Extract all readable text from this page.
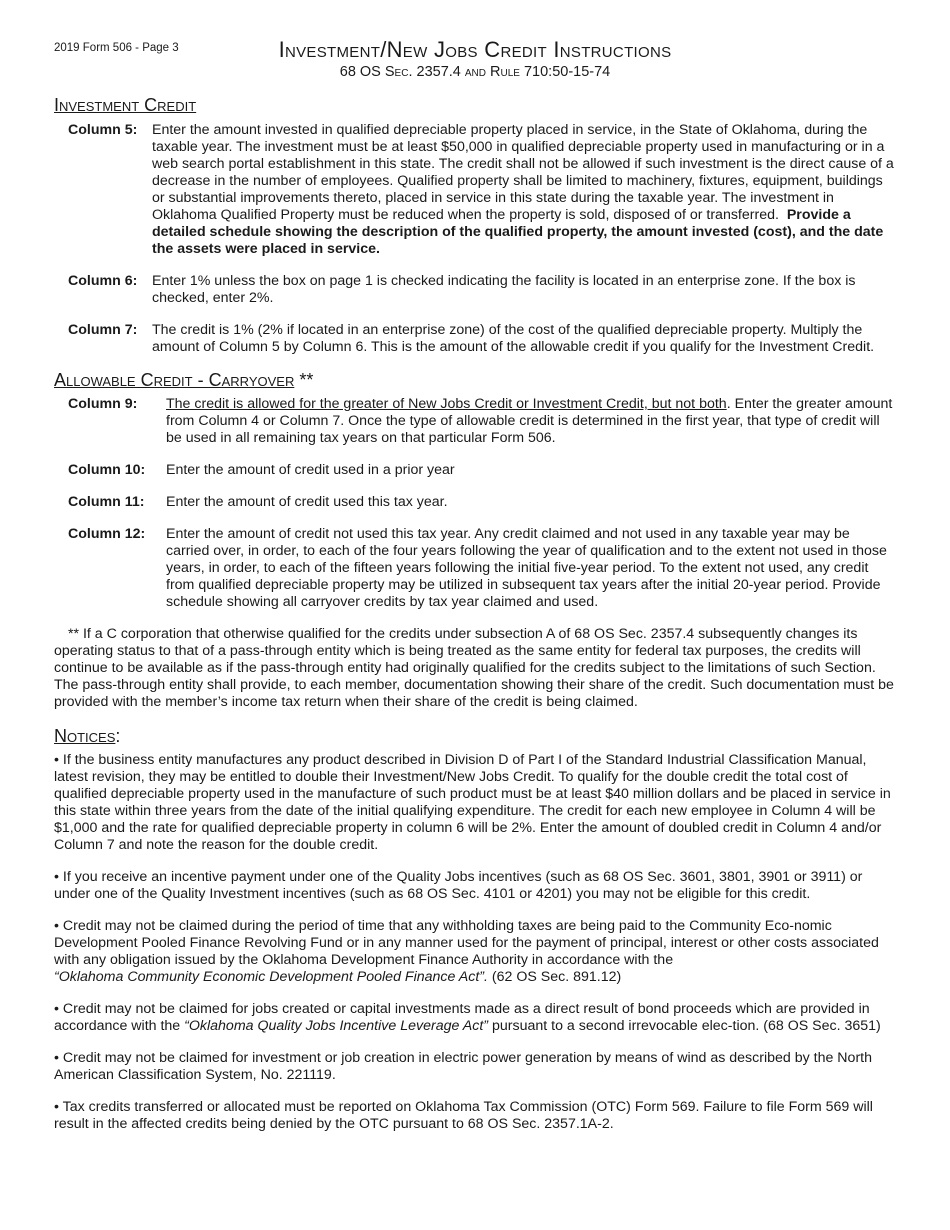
2019 Form 506 - Page 3	Investment/New Jobs Credit Instructions
68 OS Sec. 2357.4 and Rule 710:50-15-74
Investment Credit
Column 5:	Enter the amount invested in qualified depreciable property placed in service, in the State of Oklahoma, during the taxable year. The investment must be at least $50,000 in qualified depreciable property used in manufacturing or in a web search portal establishment in this state. The credit shall not be allowed if such investment is the direct cause of a decrease in the number of employees. Qualified property shall be limited to machinery, fixtures, equipment, buildings or substantial improvements thereto, placed in service in this state during the taxable year. The investment in Oklahoma Qualified Property must be reduced when the property is sold, disposed of or transferred. Provide a detailed schedule showing the description of the qualified property, the amount invested (cost), and the date the assets were placed in service.
Column 6:	Enter 1% unless the box on page 1 is checked indicating the facility is located in an enterprise zone. If the box is checked, enter 2%.
Column 7:	The credit is 1% (2% if located in an enterprise zone) of the cost of the qualified depreciable property. Multiply the amount of Column 5 by Column 6. This is the amount of the allowable credit if you qualify for the Investment Credit.
Allowable Credit - Carryover **
Column 9:	The credit is allowed for the greater of New Jobs Credit or Investment Credit, but not both. Enter the greater amount from Column 4 or Column 7. Once the type of allowable credit is determined in the first year, that type of credit will be used in all remaining tax years on that particular Form 506.
Column 10:	Enter the amount of credit used in a prior year
Column 11:	Enter the amount of credit used this tax year.
Column 12:	Enter the amount of credit not used this tax year. Any credit claimed and not used in any taxable year may be carried over, in order, to each of the four years following the year of qualification and to the extent not used in those years, in order, to each of the fifteen years following the initial five-year period. To the extent not used, any credit from qualified depreciable property may be utilized in subsequent tax years after the initial 20-year period. Provide schedule showing all carryover credits by tax year claimed and used.

** If a C corporation that otherwise qualified for the credits under subsection A of 68 OS Sec. 2357.4 subsequently changes its operating status to that of a pass-through entity which is being treated as the same entity for federal tax purposes, the credits will continue to be available as if the pass-through entity had originally qualified for the credits subject to the limitations of such Section. The pass-through entity shall provide, to each member, documentation showing their share of the credit. Such documentation must be provided with the member’s income tax return when their share of the credit is being claimed.

Notices:

• If the business entity manufactures any product described in Division D of Part I of the Standard Industrial Classification Manual, latest revision, they may be entitled to double their Investment/New Jobs Credit. To qualify for the double credit the total cost of qualified depreciable property used in the manufacture of such product must be at least $40 million dollars and be placed in service in this state within three years from the date of the initial qualifying expenditure. The credit for each new employee in Column 4 will be $1,000 and the rate for qualified depreciable property in column 6 will be 2%. Enter the amount of doubled credit in Column 4 and/or Column 7 and note the reason for the double credit.

• If you receive an incentive payment under one of the Quality Jobs incentives (such as 68 OS Sec. 3601, 3801, 3901 or 3911) or under one of the Quality Investment incentives (such as 68 OS Sec. 4101 or 4201) you may not be eligible for this credit.

• Credit may not be claimed during the period of time that any withholding taxes are being paid to the Community Eco-nomic Development Pooled Finance Revolving Fund or in any manner used for the payment of principal, interest or other costs associated with any obligation issued by the Oklahoma Development Finance Authority in accordance with the
“Oklahoma Community Economic Development Pooled Finance Act”. (62 OS Sec. 891.12)

• Credit may not be claimed for jobs created or capital investments made as a direct result of bond proceeds which are provided in accordance with the “Oklahoma Quality Jobs Incentive Leverage Act” pursuant to a second irrevocable elec-tion. (68 OS Sec. 3651)

• Credit may not be claimed for investment or job creation in electric power generation by means of wind as described by the North American Classification System, No. 221119.

• Tax credits transferred or allocated must be reported on Oklahoma Tax Commission (OTC) Form 569. Failure to file Form 569 will result in the affected credits being denied by the OTC pursuant to 68 OS Sec. 2357.1A-2.
